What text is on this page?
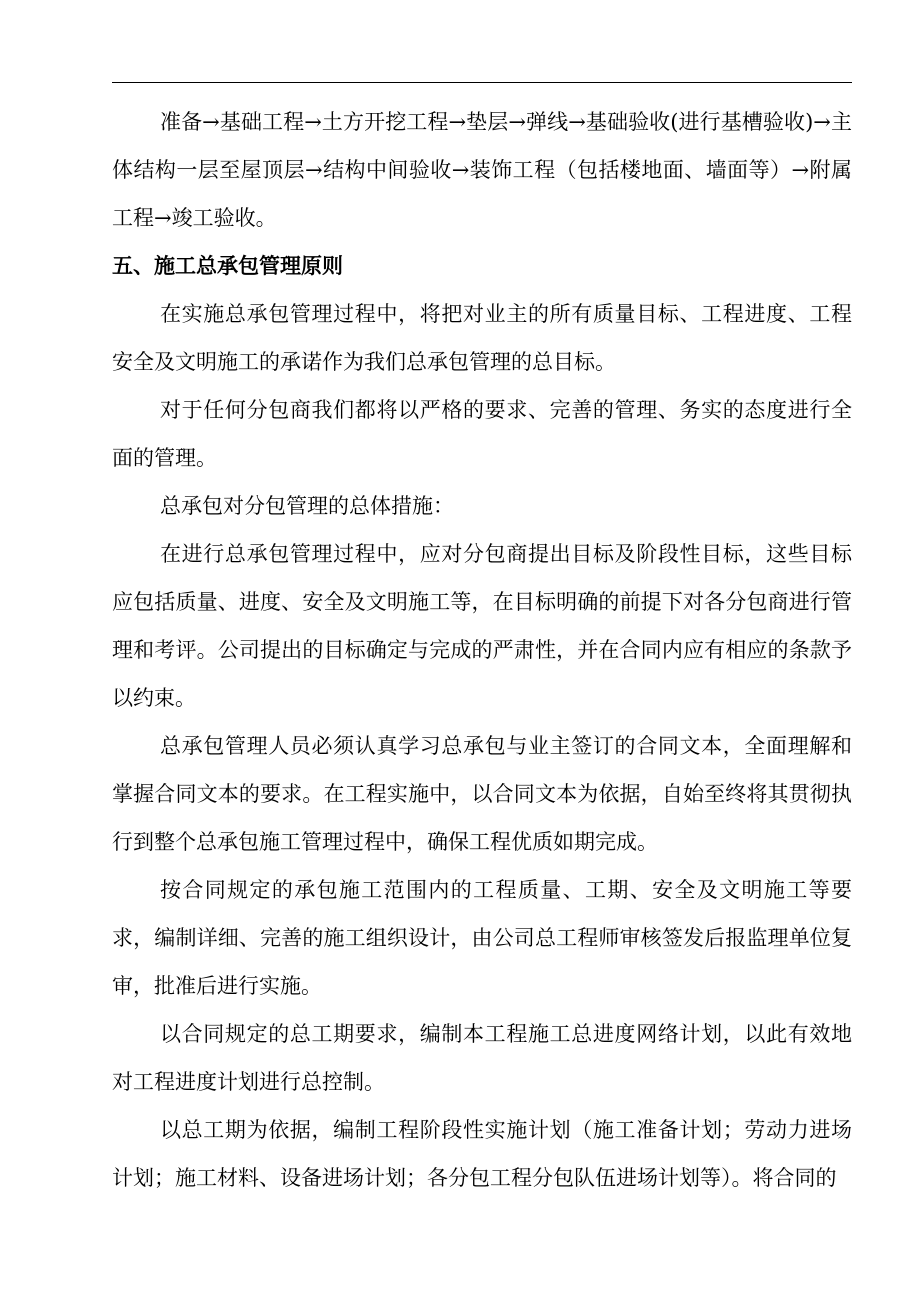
准备→基础工程→土方开挖工程→垫层→弹线→基础验收(进行基槽验收)→主体结构一层至屋顶层→结构中间验收→装饰工程（包括楼地面、墙面等）→附属工程→竣工验收。

五、施工总承包管理原则

在实施总承包管理过程中，将把对业主的所有质量目标、工程进度、工程安全及文明施工的承诺作为我们总承包管理的总目标。

对于任何分包商我们都将以严格的要求、完善的管理、务实的态度进行全面的管理。

总承包对分包管理的总体措施：

在进行总承包管理过程中，应对分包商提出目标及阶段性目标，这些目标应包括质量、进度、安全及文明施工等，在目标明确的前提下对各分包商进行管理和考评。公司提出的目标确定与完成的严肃性，并在合同内应有相应的条款予以约束。

总承包管理人员必须认真学习总承包与业主签订的合同文本，全面理解和掌握合同文本的要求。在工程实施中，以合同文本为依据，自始至终将其贯彻执行到整个总承包施工管理过程中，确保工程优质如期完成。

按合同规定的承包施工范围内的工程质量、工期、安全及文明施工等要求，编制详细、完善的施工组织设计，由公司总工程师审核签发后报监理单位复审，批准后进行实施。

以合同规定的总工期要求，编制本工程施工总进度网络计划，以此有效地对工程进度计划进行总控制。

以总工期为依据，编制工程阶段性实施计划（施工准备计划；劳动力进场计划；施工材料、设备进场计划；各分包工程分包队伍进场计划等）。将合同的
